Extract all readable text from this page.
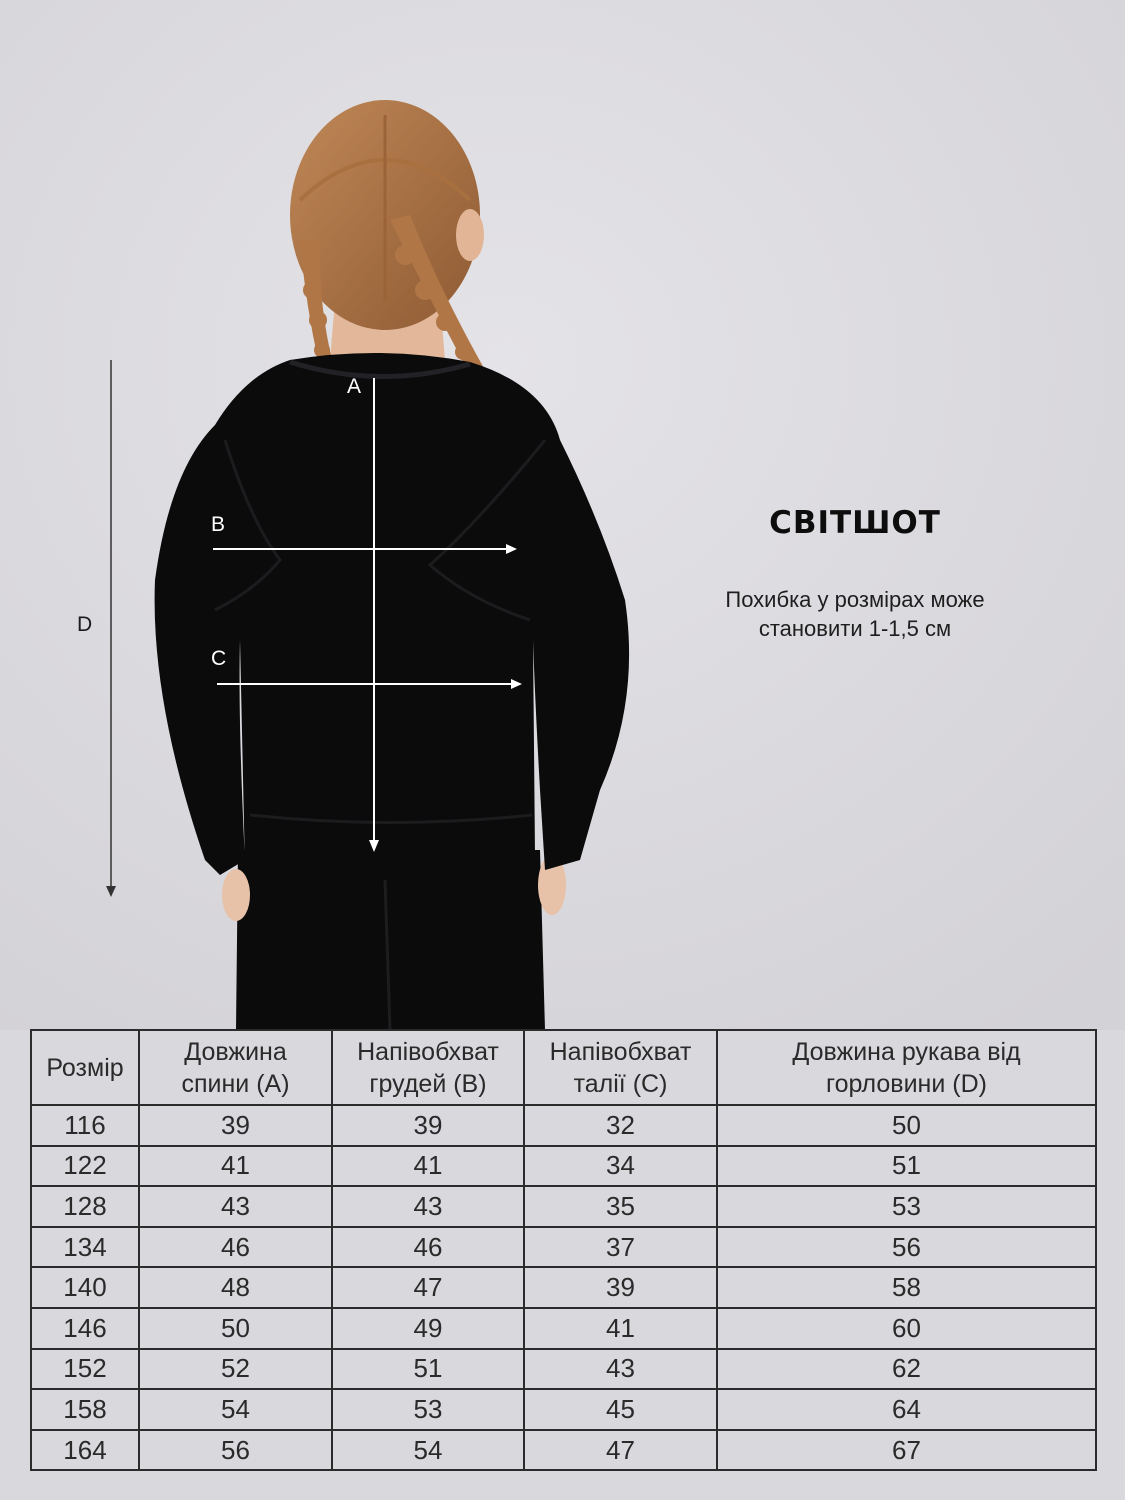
A
B
C
D
СВІТШОТ
Похибка у розмірах може становити 1-1,5 см
Розмір	Довжина спини (А)	Напівобхват грудей (В)	Напівобхват талії (С)	Довжина рукава від горловини (D)
116	39	39	32	50
122	41	41	34	51
128	43	43	35	53
134	46	46	37	56
140	48	47	39	58
146	50	49	41	60
152	52	51	43	62
158	54	53	45	64
164	56	54	47	67
